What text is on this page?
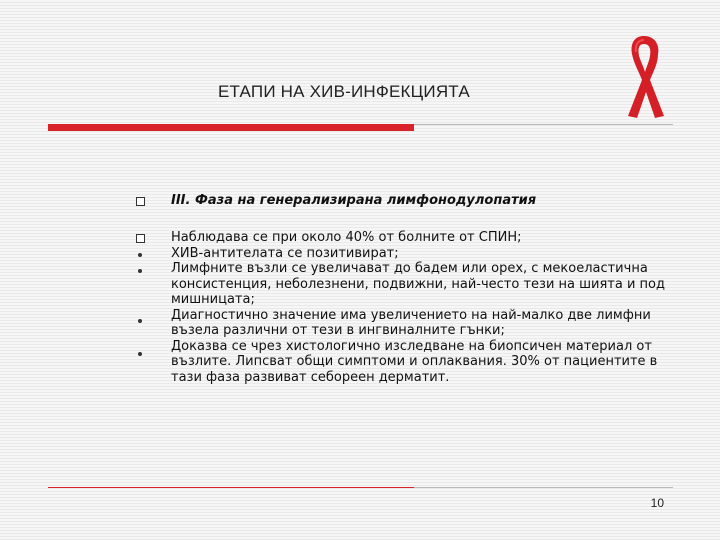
ЕТАПИ НА ХИВ-ИНФЕКЦИЯТА
III. Фаза на генерализирана лимфонодулопатия

Наблюдава се при около 40% от болните от СПИН;

ХИВ-антителата се позитивират;

Лимфните възли се увеличават до бадем или орех, с мекоеластична консистенция, неболезнени, подвижни, най-често тези на шията и под мишницата;

Диагностично значение има увеличението на най-малко две лимфни възела различни от тези в ингвиналните гънки;

Доказва се чрез хистологично изследване на биопсичен материал от възлите. Липсват общи симптоми и оплаквания. 30% от пациентите в тази фаза развиват себореен дерматит.

10
